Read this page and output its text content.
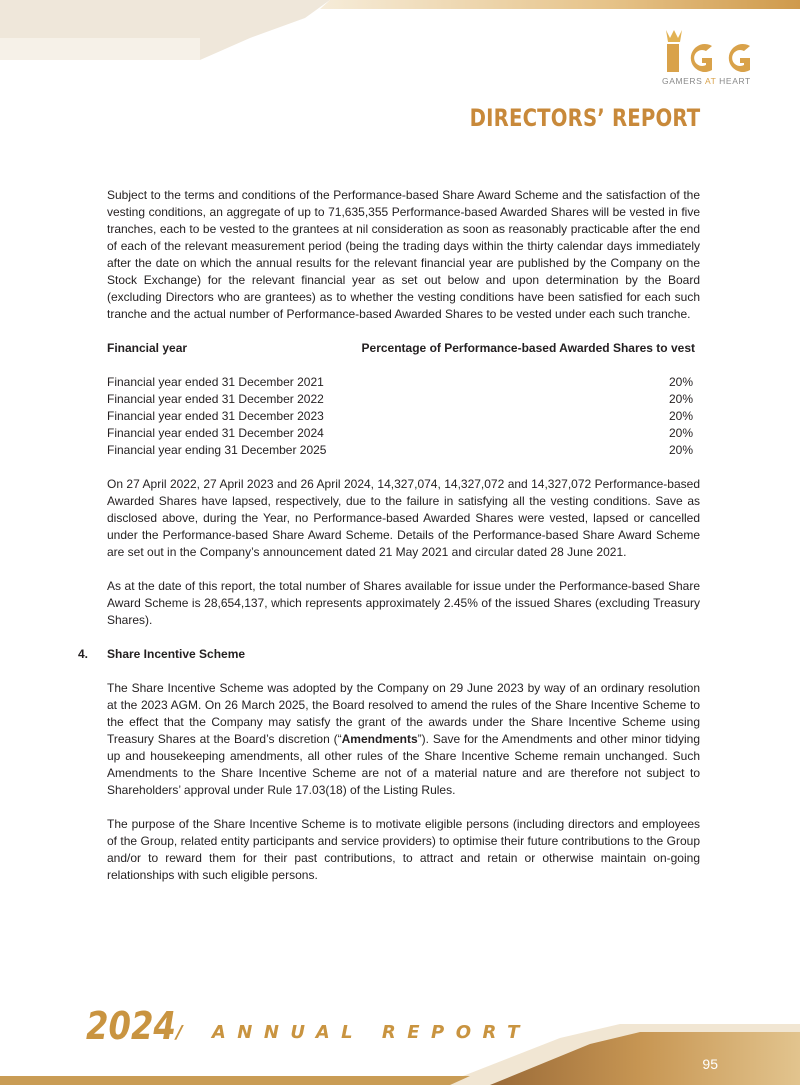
GAMERS AT HEART
DIRECTORS’ REPORT

Subject to the terms and conditions of the Performance-based Share Award Scheme and the satisfaction of the vesting conditions, an aggregate of up to 71,635,355 Performance-based Awarded Shares will be vested in five tranches, each to be vested to the grantees at nil consideration as soon as reasonably practicable after the end of each of the relevant measurement period (being the trading days within the thirty calendar days immediately after the date on which the annual results for the relevant financial year are published by the Company on the Stock Exchange) for the relevant financial year as set out below and upon determination by the Board (excluding Directors who are grantees) as to whether the vesting conditions have been satisfied for each such tranche and the actual number of Performance-based Awarded Shares to be vested under each such tranche.

Financial year	Percentage of Performance-based Awarded Shares to vest
Financial year ended 31 December 2021	20%
Financial year ended 31 December 2022	20%
Financial year ended 31 December 2023	20%
Financial year ended 31 December 2024	20%
Financial year ending 31 December 2025	20%

On 27 April 2022, 27 April 2023 and 26 April 2024, 14,327,074, 14,327,072 and 14,327,072 Performance-based Awarded Shares have lapsed, respectively, due to the failure in satisfying all the vesting conditions. Save as disclosed above, during the Year, no Performance-based Awarded Shares were vested, lapsed or cancelled under the Performance-based Share Award Scheme. Details of the Performance-based Share Award Scheme are set out in the Company’s announcement dated 21 May 2021 and circular dated 28 June 2021.

As at the date of this report, the total number of Shares available for issue under the Performance-based Share Award Scheme is 28,654,137, which represents approximately 2.45% of the issued Shares (excluding Treasury Shares).

4. Share Incentive Scheme

The Share Incentive Scheme was adopted by the Company on 29 June 2023 by way of an ordinary resolution at the 2023 AGM. On 26 March 2025, the Board resolved to amend the rules of the Share Incentive Scheme to the effect that the Company may satisfy the grant of the awards under the Share Incentive Scheme using Treasury Shares at the Board’s discretion (“Amendments”). Save for the Amendments and other minor tidying up and housekeeping amendments, all other rules of the Share Incentive Scheme remain unchanged. Such Amendments to the Share Incentive Scheme are not of a material nature and are therefore not subject to Shareholders’ approval under Rule 17.03(18) of the Listing Rules.

The purpose of the Share Incentive Scheme is to motivate eligible persons (including directors and employees of the Group, related entity participants and service providers) to optimise their future contributions to the Group and/or to reward them for their past contributions, to attract and retain or otherwise maintain on-going relationships with such eligible persons.

2024 / ANNUAL REPORT
95
